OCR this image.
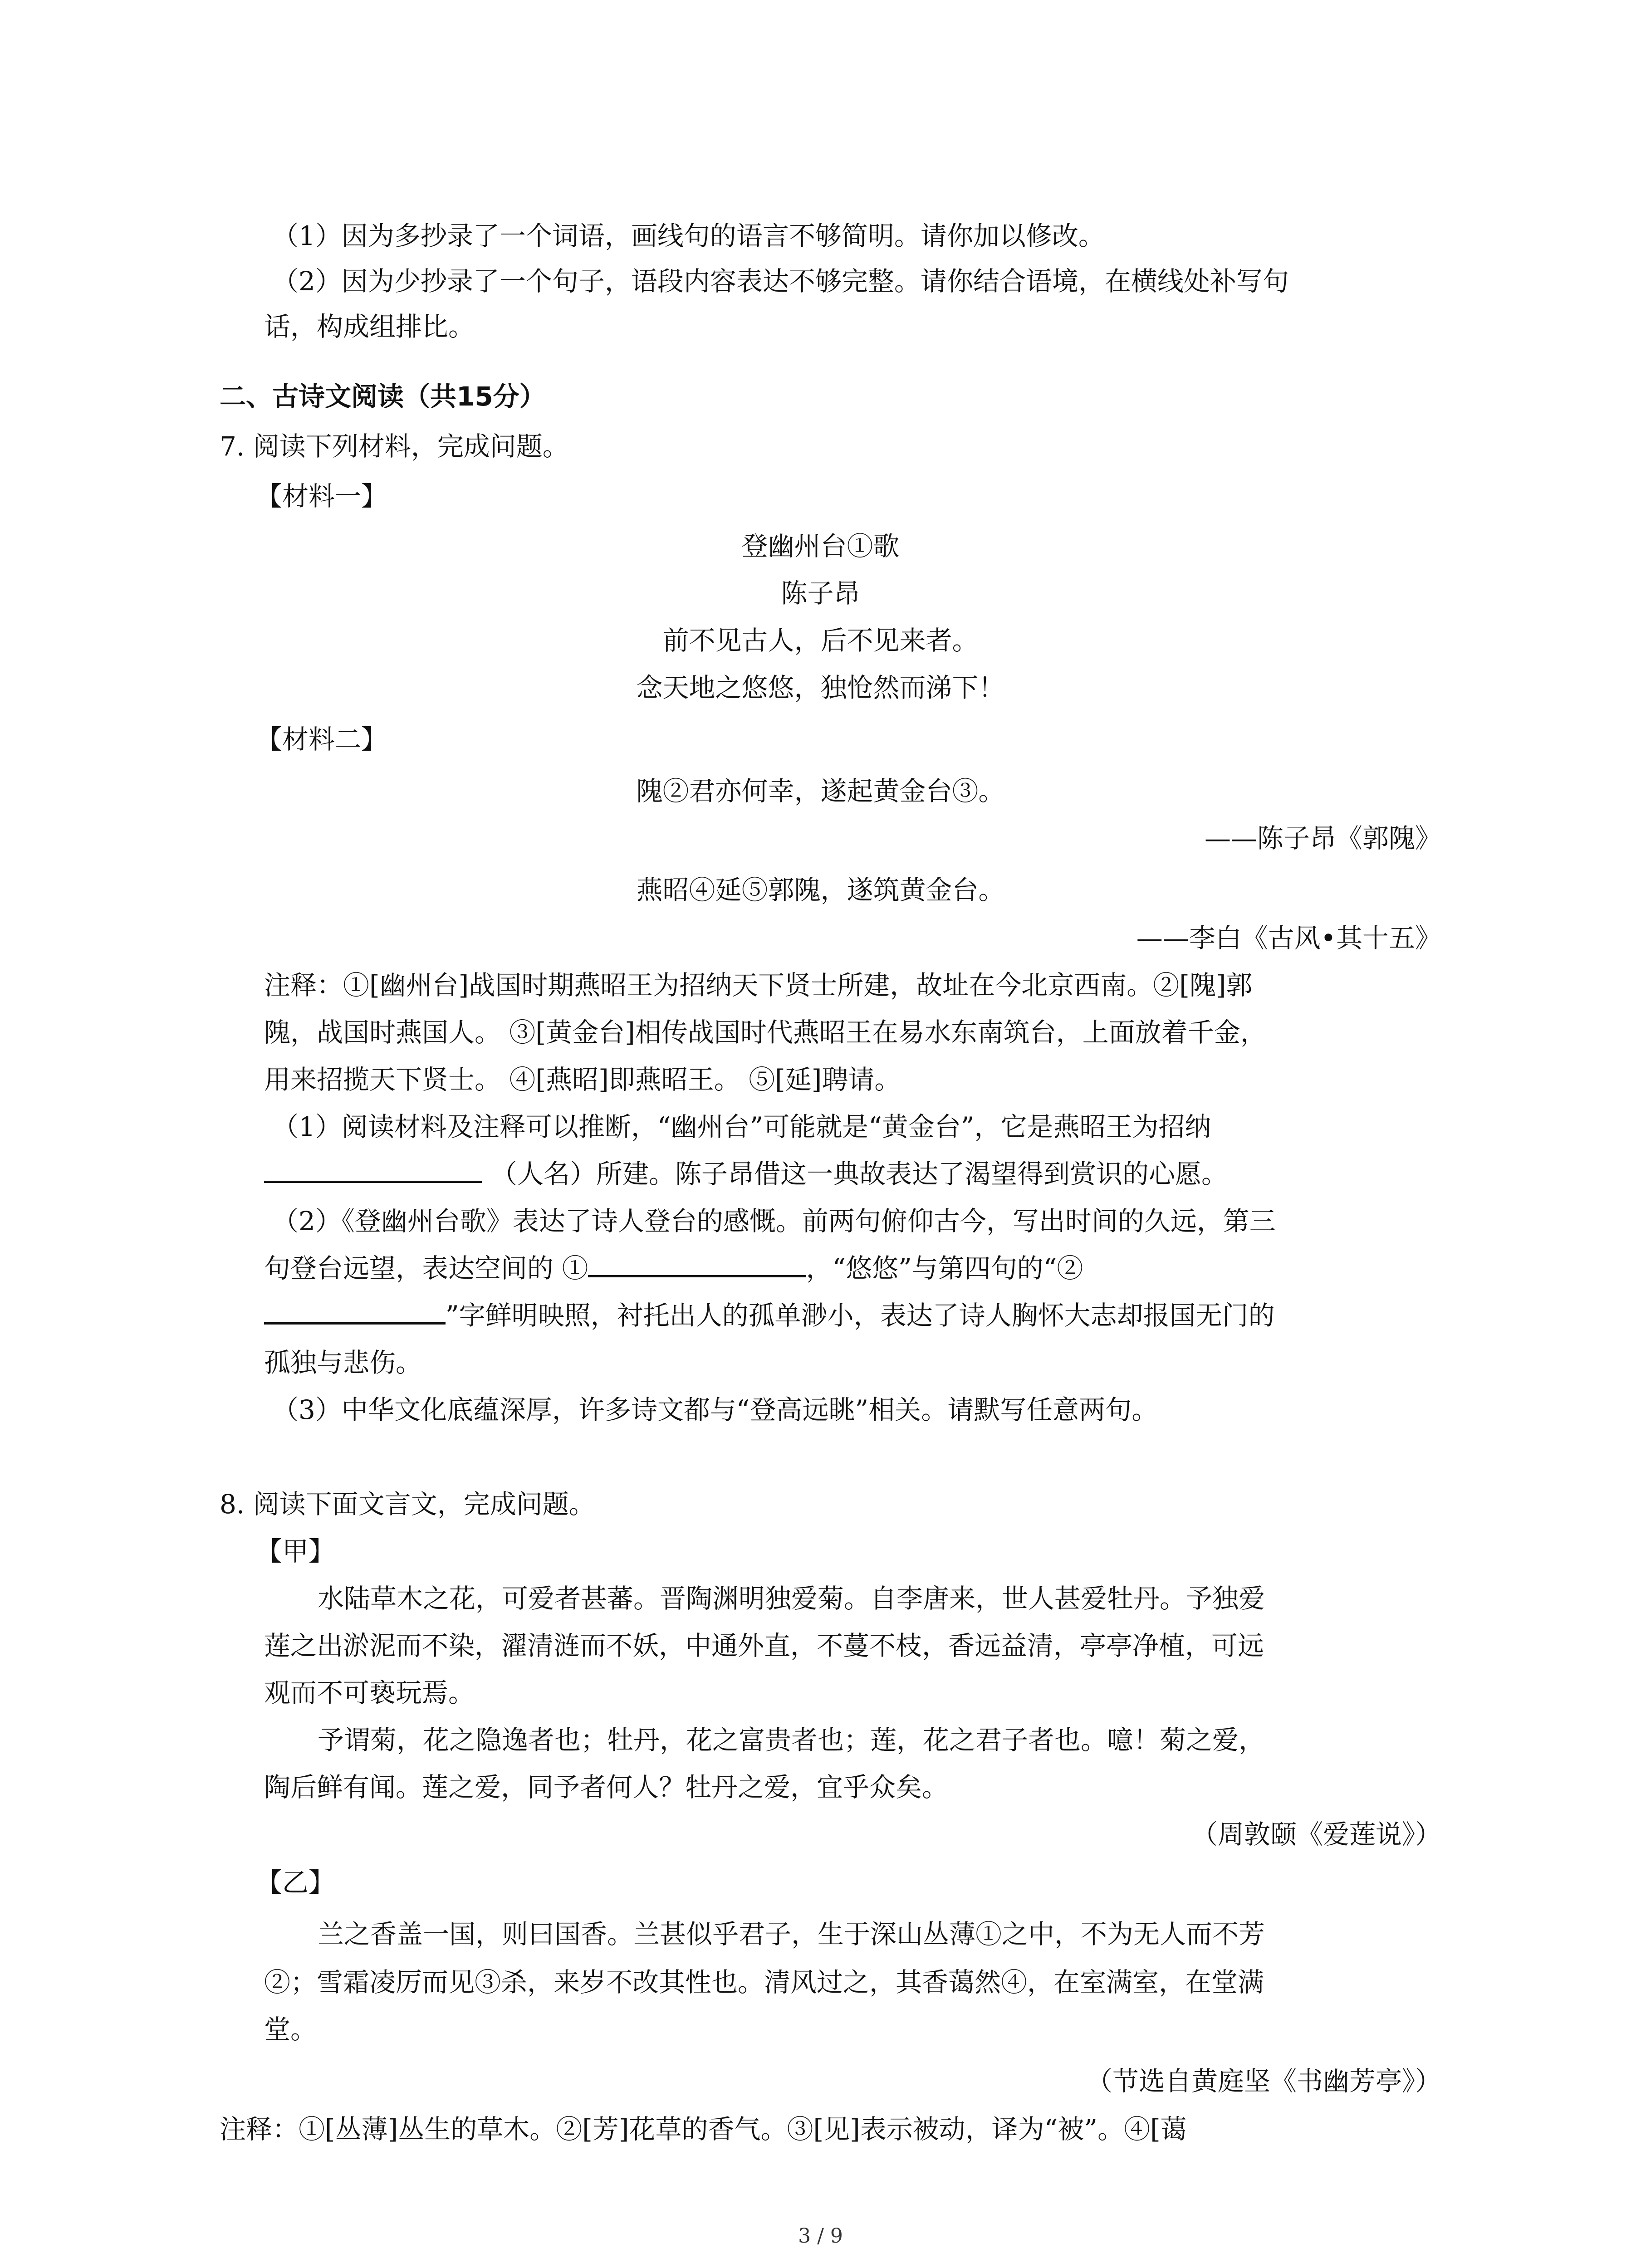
（1）因为多抄录了一个词语，画线句的语言不够简明。请你加以修改。
（2）因为少抄录了一个句子，语段内容表达不够完整。请你结合语境，在横线处补写句
话，构成组排比。
二、古诗文阅读（共15分）
7. 阅读下列材料，完成问题。
【材料一】
登幽州台①歌
陈子昂
前不见古人，后不见来者。
念天地之悠悠，独怆然而涕下！
【材料二】
隗②君亦何幸，遂起黄金台③。
——陈子昂《郭隗》
燕昭④延⑤郭隗，遂筑黄金台。
——李白《古风•其十五》
注释：①[幽州台]战国时期燕昭王为招纳天下贤士所建，故址在今北京西南。②[隗]郭
隗，战国时燕国人。 ③[黄金台]相传战国时代燕昭王在易水东南筑台，上面放着千金，
用来招揽天下贤士。 ④[燕昭]即燕昭王。 ⑤[延]聘请。
（1）阅读材料及注释可以推断，“幽州台”可能就是“黄金台”，它是燕昭王为招纳
（人名）所建。陈子昂借这一典故表达了渴望得到赏识的心愿。
（2）《登幽州台歌》表达了诗人登台的感慨。前两句俯仰古今，写出时间的久远，第三
句登台远望，表达空间的 ①	，“悠悠”与第四句的“②
”字鲜明映照，衬托出人的孤单渺小，表达了诗人胸怀大志却报国无门的
孤独与悲伤。
（3）中华文化底蕴深厚，许多诗文都与“登高远眺”相关。请默写任意两句。
8. 阅读下面文言文，完成问题。
【甲】
水陆草木之花，可爱者甚蕃。晋陶渊明独爱菊。自李唐来，世人甚爱牡丹。予独爱
莲之出淤泥而不染，濯清涟而不妖，中通外直，不蔓不枝，香远益清，亭亭净植，可远
观而不可亵玩焉。
予谓菊，花之隐逸者也；牡丹，花之富贵者也；莲，花之君子者也。噫！菊之爱，
陶后鲜有闻。莲之爱，同予者何人？牡丹之爱，宜乎众矣。
（周敦颐《爱莲说》）
【乙】
兰之香盖一国，则曰国香。兰甚似乎君子，生于深山丛薄①之中，不为无人而不芳
②；雪霜凌厉而见③杀，来岁不改其性也。清风过之，其香蔼然④，在室满室，在堂满
堂。
（节选自黄庭坚《书幽芳亭》）
注释：①[丛薄]丛生的草木。②[芳]花草的香气。③[见]表示被动，译为“被”。④[蔼
3 / 9
